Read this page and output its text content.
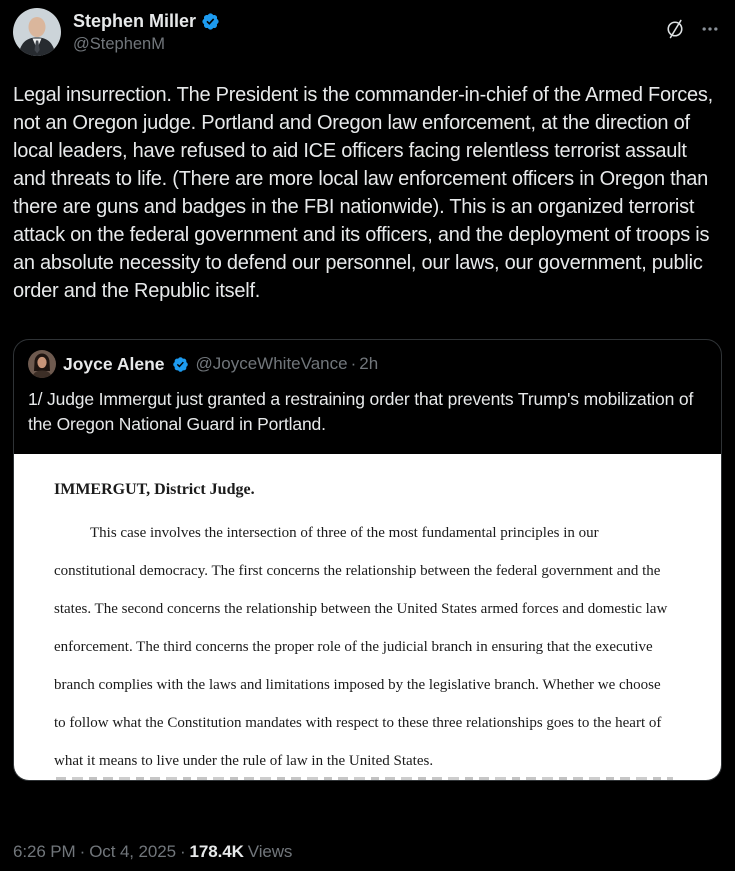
Stephen Miller
@StephenM
Legal insurrection. The President is the commander-in-chief of the Armed Forces, not an Oregon judge. Portland and Oregon law enforcement, at the direction of local leaders, have refused to aid ICE officers facing relentless terrorist assault and threats to life. (There are more local law enforcement officers in Oregon than there are guns and badges in the FBI nationwide). This is an organized terrorist attack on the federal government and its officers, and the deployment of troops is an absolute necessity to defend our personnel, our laws, our government, public order and the Republic itself.
Joyce Alene @JoyceWhiteVance · 2h
1/ Judge Immergut just granted a restraining order that prevents Trump's mobilization of the Oregon National Guard in Portland.
IMMERGUT, District Judge.

This case involves the intersection of three of the most fundamental principles in our constitutional democracy. The first concerns the relationship between the federal government and the states. The second concerns the relationship between the United States armed forces and domestic law enforcement. The third concerns the proper role of the judicial branch in ensuring that the executive branch complies with the laws and limitations imposed by the legislative branch. Whether we choose to follow what the Constitution mandates with respect to these three relationships goes to the heart of what it means to live under the rule of law in the United States.

6:26 PM · Oct 4, 2025 · 178.4K Views
